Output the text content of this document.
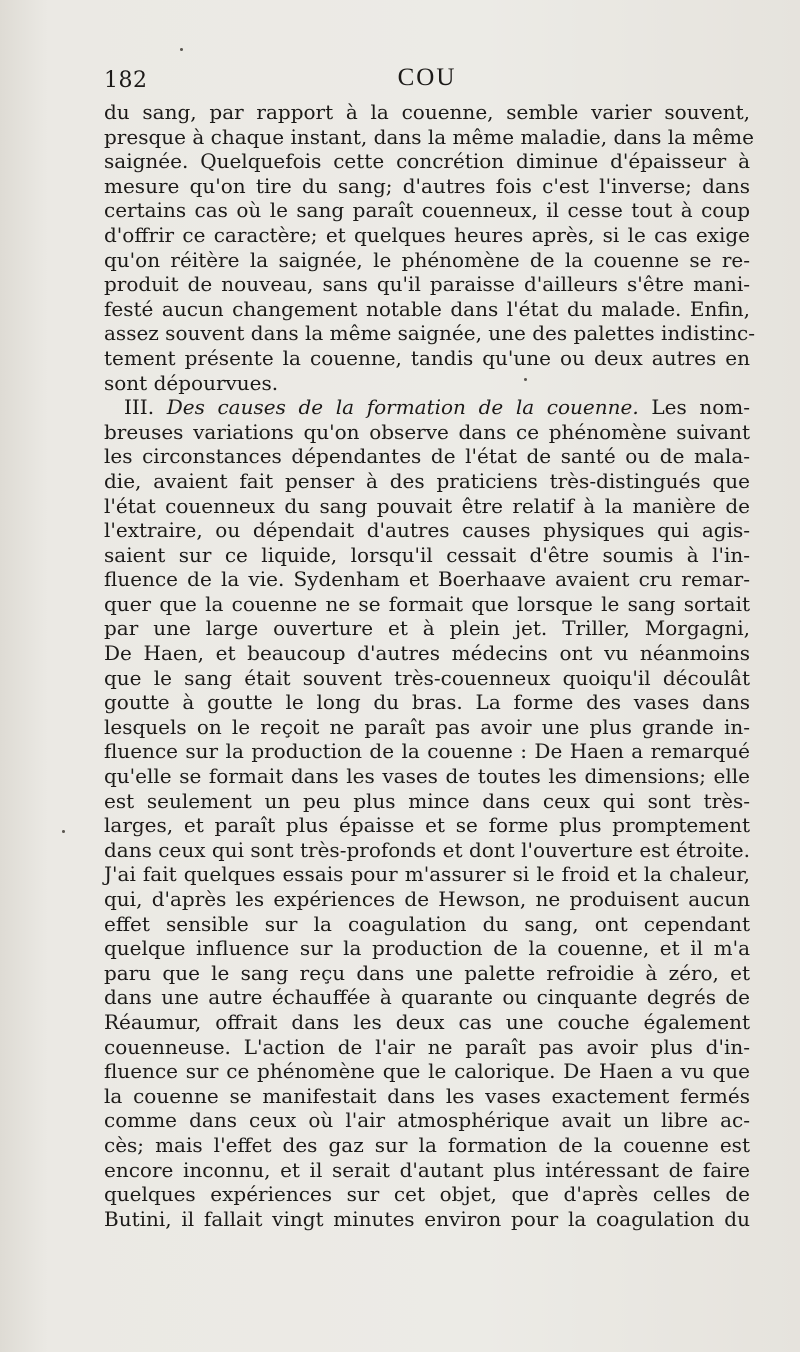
182	COU
du sang, par rapport à la couenne, semble varier souvent,
presque à chaque instant, dans la même maladie, dans la même
saignée. Quelquefois cette concrétion diminue d'épaisseur à
mesure qu'on tire du sang; d'autres fois c'est l'inverse; dans
certains cas où le sang paraît couenneux, il cesse tout à coup
d'offrir ce caractère; et quelques heures après, si le cas exige
qu'on réitère la saignée, le phénomène de la couenne se re-
produit de nouveau, sans qu'il paraisse d'ailleurs s'être mani-
festé aucun changement notable dans l'état du malade. Enfin,
assez souvent dans la même saignée, une des palettes indistinc-
tement présente la couenne, tandis qu'une ou deux autres en
sont dépourvues.
III. Des causes de la formation de la couenne. Les nom-
breuses variations qu'on observe dans ce phénomène suivant
les circonstances dépendantes de l'état de santé ou de mala-
die, avaient fait penser à des praticiens très-distingués que
l'état couenneux du sang pouvait être relatif à la manière de
l'extraire, ou dépendait d'autres causes physiques qui agis-
saient sur ce liquide, lorsqu'il cessait d'être soumis à l'in-
fluence de la vie. Sydenham et Boerhaave avaient cru remar-
quer que la couenne ne se formait que lorsque le sang sortait
par une large ouverture et à plein jet. Triller, Morgagni,
De Haen, et beaucoup d'autres médecins ont vu néanmoins
que le sang était souvent très-couenneux quoiqu'il découlât
goutte à goutte le long du bras. La forme des vases dans
lesquels on le reçoit ne paraît pas avoir une plus grande in-
fluence sur la production de la couenne : De Haen a remarqué
qu'elle se formait dans les vases de toutes les dimensions; elle
est seulement un peu plus mince dans ceux qui sont très-
larges, et paraît plus épaisse et se forme plus promptement
dans ceux qui sont très-profonds et dont l'ouverture est étroite.
J'ai fait quelques essais pour m'assurer si le froid et la chaleur,
qui, d'après les expériences de Hewson, ne produisent aucun
effet sensible sur la coagulation du sang, ont cependant
quelque influence sur la production de la couenne, et il m'a
paru que le sang reçu dans une palette refroidie à zéro, et
dans une autre échauffée à quarante ou cinquante degrés de
Réaumur, offrait dans les deux cas une couche également
couenneuse. L'action de l'air ne paraît pas avoir plus d'in-
fluence sur ce phénomène que le calorique. De Haen a vu que
la couenne se manifestait dans les vases exactement fermés
comme dans ceux où l'air atmosphérique avait un libre ac-
cès; mais l'effet des gaz sur la formation de la couenne est
encore inconnu, et il serait d'autant plus intéressant de faire
quelques expériences sur cet objet, que d'après celles de
Butini, il fallait vingt minutes environ pour la coagulation du
